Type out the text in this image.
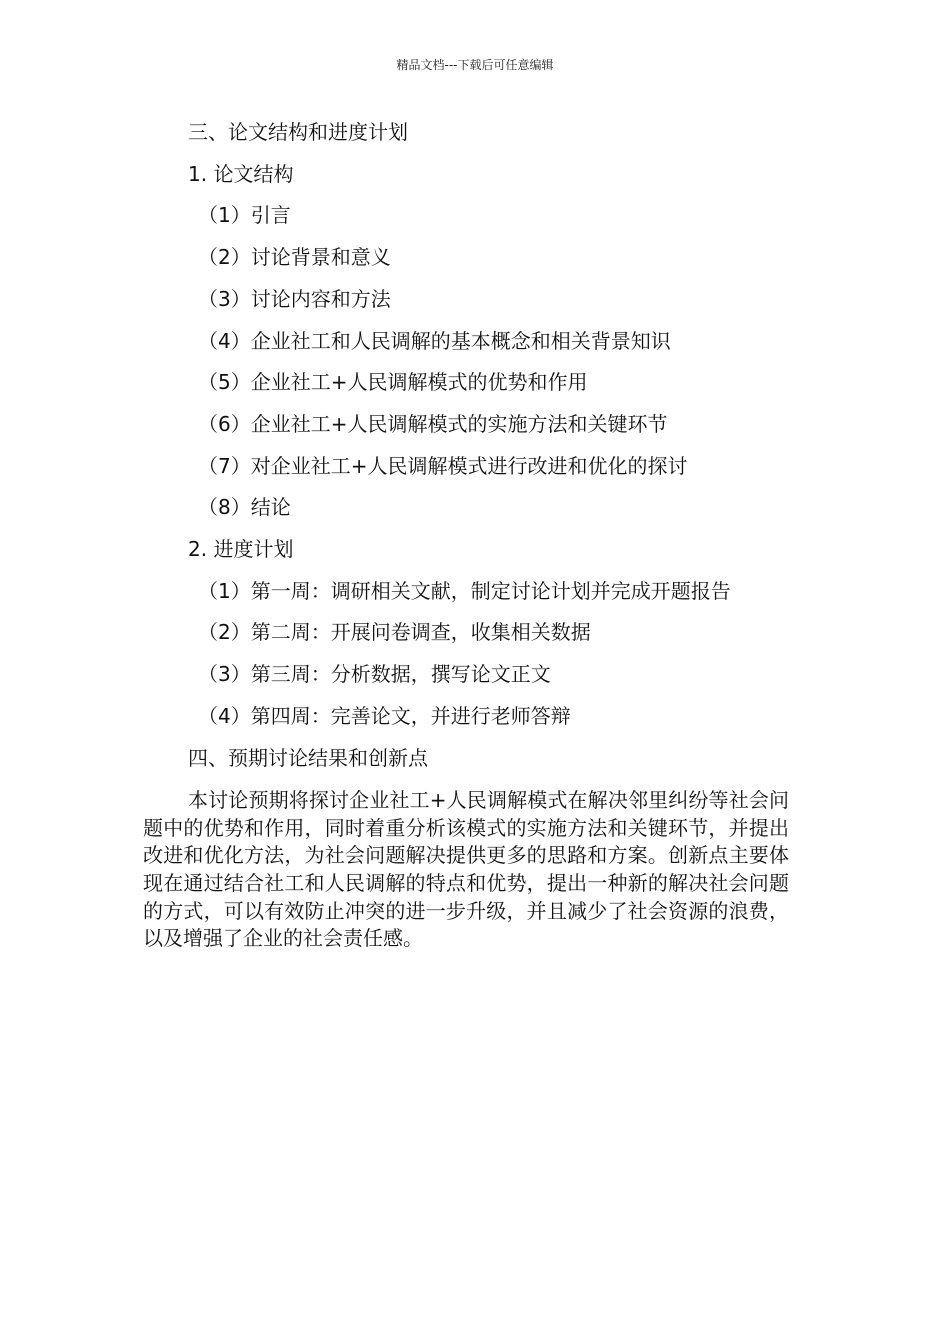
精品文档---下载后可任意编辑
三、论文结构和进度计划
1. 论文结构
（1）引言
（2）讨论背景和意义
（3）讨论内容和方法
（4）企业社工和人民调解的基本概念和相关背景知识
（5）企业社工+人民调解模式的优势和作用
（6）企业社工+人民调解模式的实施方法和关键环节
（7）对企业社工+人民调解模式进行改进和优化的探讨
（8）结论
2. 进度计划
（1）第一周：调研相关文献，制定讨论计划并完成开题报告
（2）第二周：开展问卷调查，收集相关数据
（3）第三周：分析数据，撰写论文正文
（4）第四周：完善论文，并进行老师答辩
四、预期讨论结果和创新点
本讨论预期将探讨企业社工+人民调解模式在解决邻里纠纷等社会问题中的优势和作用，同时着重分析该模式的实施方法和关键环节，并提出改进和优化方法，为社会问题解决提供更多的思路和方案。创新点主要体现在通过结合社工和人民调解的特点和优势，提出一种新的解决社会问题的方式，可以有效防止冲突的进一步升级，并且减少了社会资源的浪费，以及增强了企业的社会责任感。
